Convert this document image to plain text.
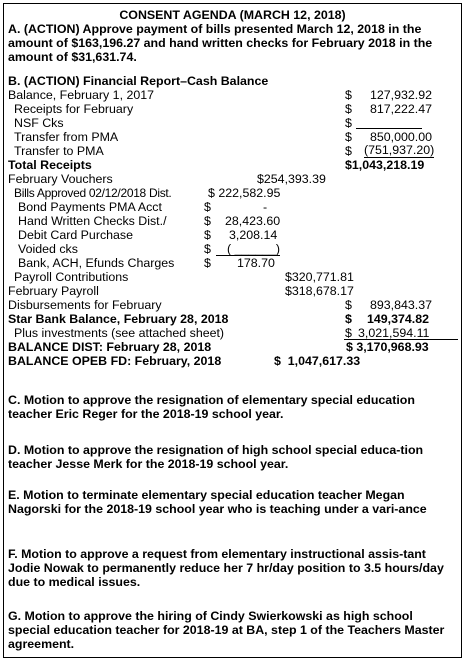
CONSENT AGENDA (MARCH 12, 2018)
A. (ACTION) Approve payment of bills presented March 12, 2018 in the amount of $163,196.27 and hand written checks for February 2018 in the amount of $31,631.74.
B. (ACTION) Financial Report–Cash Balance
Balance, February 1, 2017	$ 127,932.92
Receipts for February	$ 817,222.47
NSF Cks	$
Transfer from PMA	$ 850,000.00
Transfer to PMA	$ (751,937.20)
Total Receipts	$1,043,218.19
February Vouchers	$254,393.39
Bills Approved 02/12/2018 Dist.	$ 222,582.95
Bond Payments PMA Acct	$	-
Hand Written Checks Dist./	$ 28,423.60
Debit Card Purchase	$ 3,208.14
Voided cks	$ ( ______)
Bank, ACH, Efunds Charges $ 178.70
Payroll Contributions	$320,771.81
February Payroll	$318,678.17
Disbursements for February	$ 893,843.37
Star Bank Balance, February 28, 2018	$ 149,374.82
Plus investments (see attached sheet)	$ 3,021,594.11
BALANCE DIST: February 28, 2018	$ 3,170,968.93
BALANCE OPEB FD: February, 2018	$  1,047,617.33
C. Motion to approve the resignation of elementary special education teacher Eric Reger for the 2018-19 school year.
D. Motion to approve the resignation of high school special educa-tion teacher Jesse Merk for the 2018-19 school year.
E. Motion to terminate elementary special education teacher Megan Nagorski for the 2018-19 school year who is teaching under a vari-ance
F. Motion to approve a request from elementary instructional assis-tant Jodie Nowak to permanently reduce her 7 hr/day position to 3.5 hours/day due to medical issues.
G. Motion to approve the hiring of Cindy Swierkowski as high school special education teacher for 2018-19 at BA, step 1 of the Teachers Master agreement.
